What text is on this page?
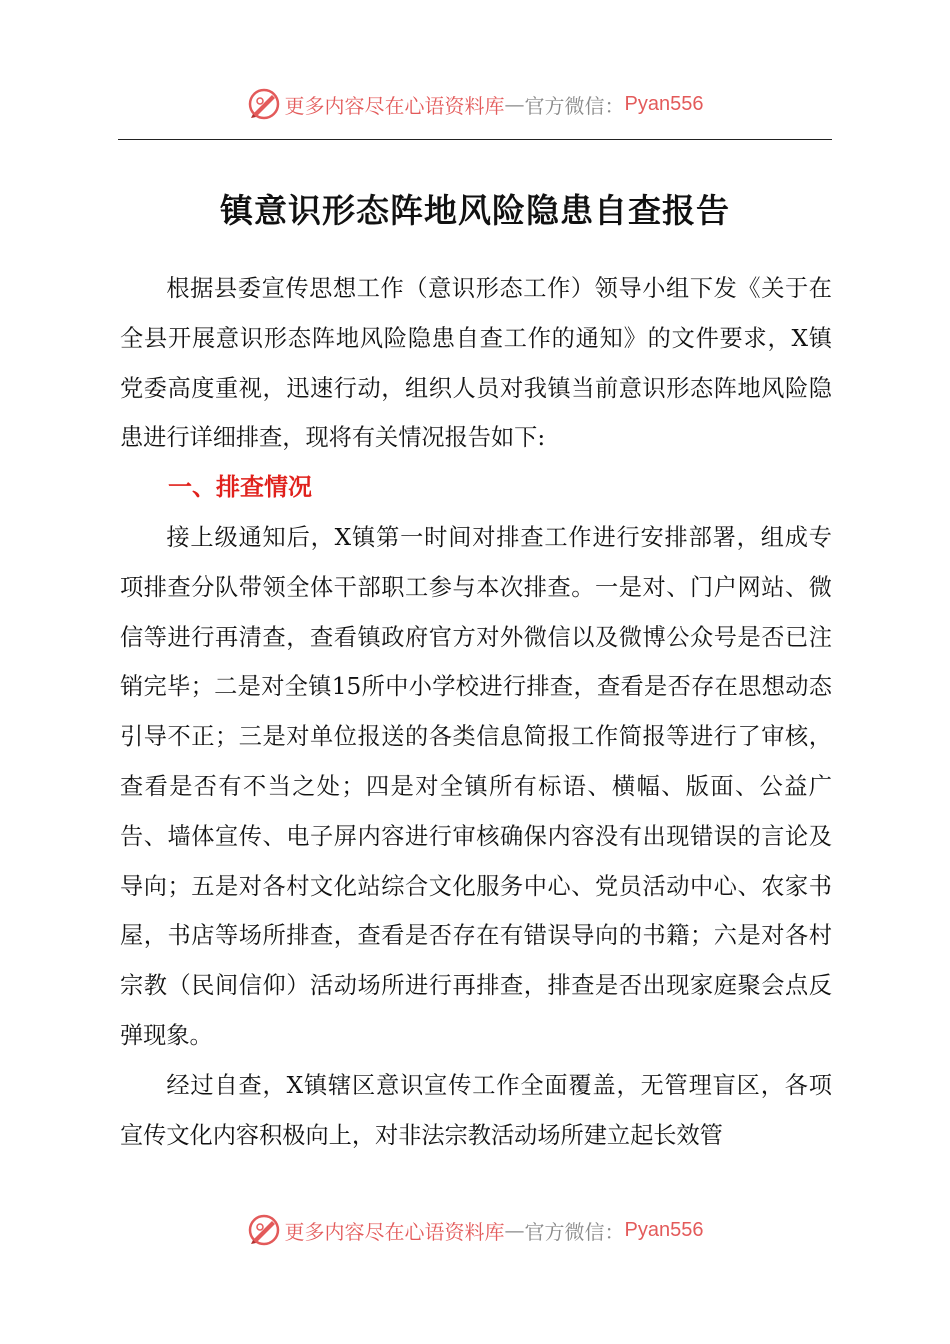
更多内容尽在心语资料库 — 官方微信： Pyan556
镇意识形态阵地风险隐患自查报告

根据县委宣传思想工作（意识形态工作）领导小组下发《关于在全县开展意识形态阵地风险隐患自查工作的通知》的文件要求，X镇党委高度重视，迅速行动，组织人员对我镇当前意识形态阵地风险隐患进行详细排查，现将有关情况报告如下:

一、排查情况

接上级通知后，X镇第一时间对排查工作进行安排部署，组成专项排查分队带领全体干部职工参与本次排查。一是对、门户网站、微信等进行再清查，查看镇政府官方对外微信以及微博公众号是否已注销完毕；二是对全镇15所中小学校进行排查，查看是否存在思想动态引导不正；三是对单位报送的各类信息简报工作简报等进行了审核，查看是否有不当之处；四是对全镇所有标语、横幅、版面、公益广告、墙体宣传、电子屏内容进行审核确保内容没有出现错误的言论及导向；五是对各村文化站综合文化服务中心、党员活动中心、农家书屋，书店等场所排查，查看是否存在有错误导向的书籍；六是对各村宗教（民间信仰）活动场所进行再排查，排查是否出现家庭聚会点反弹现象。

经过自查，X镇辖区意识宣传工作全面覆盖，无管理盲区，各项宣传文化内容积极向上，对非法宗教活动场所建立起长效管

更多内容尽在心语资料库 — 官方微信： Pyan556
